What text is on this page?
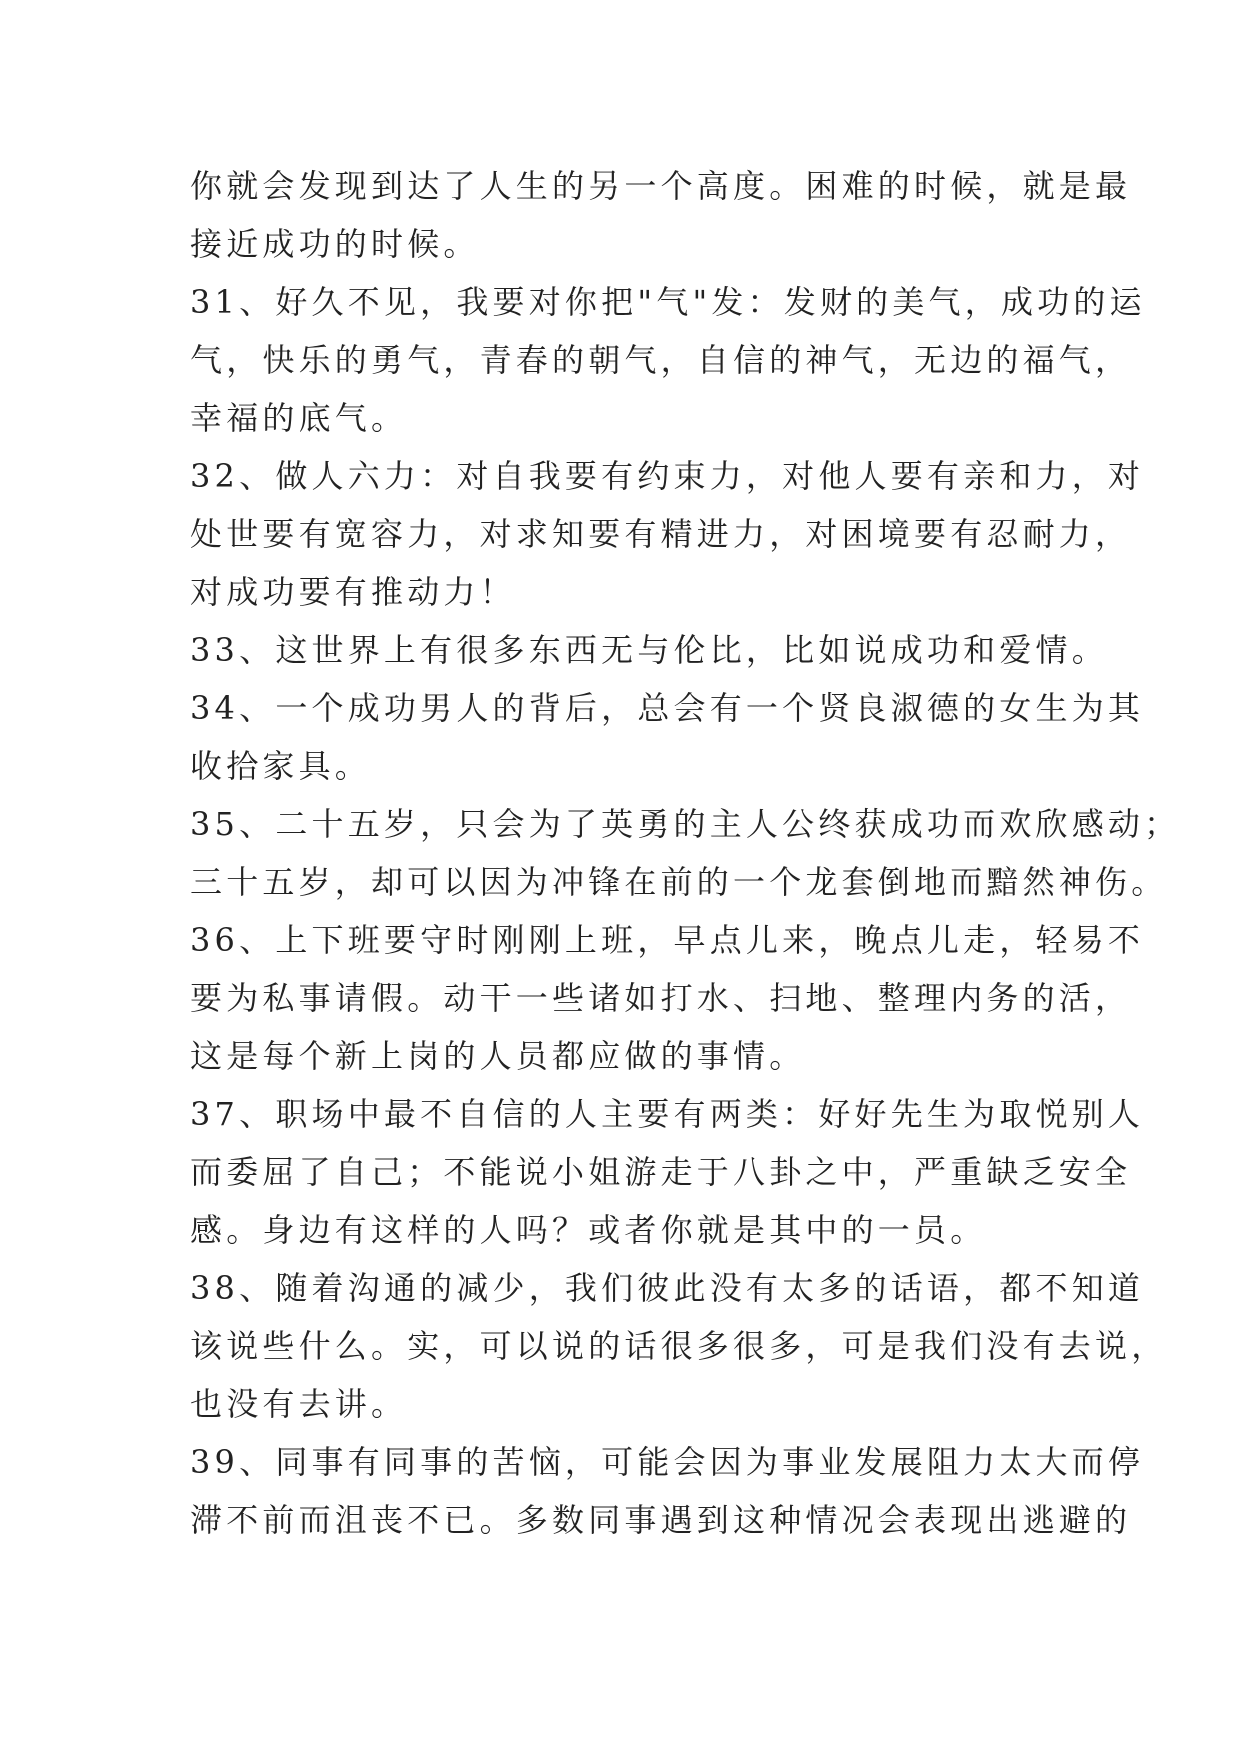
你就会发现到达了人生的另一个高度。困难的时候，就是最
接近成功的时候。
31、好久不见，我要对你把"气"发：发财的美气，成功的运
气，快乐的勇气，青春的朝气，自信的神气，无边的福气，
幸福的底气。
32、做人六力：对自我要有约束力，对他人要有亲和力，对
处世要有宽容力，对求知要有精进力，对困境要有忍耐力，
对成功要有推动力！
33、这世界上有很多东西无与伦比，比如说成功和爱情。
34、一个成功男人的背后，总会有一个贤良淑德的女生为其
收拾家具。
35、二十五岁，只会为了英勇的主人公终获成功而欢欣感动；
三十五岁，却可以因为冲锋在前的一个龙套倒地而黯然神伤。
36、上下班要守时刚刚上班，早点儿来，晚点儿走，轻易不
要为私事请假。动干一些诸如打水、扫地、整理内务的活，
这是每个新上岗的人员都应做的事情。
37、职场中最不自信的人主要有两类：好好先生为取悦别人
而委屈了自己；不能说小姐游走于八卦之中，严重缺乏安全
感。身边有这样的人吗？或者你就是其中的一员。
38、随着沟通的减少，我们彼此没有太多的话语，都不知道
该说些什么。实，可以说的话很多很多，可是我们没有去说，
也没有去讲。
39、同事有同事的苦恼，可能会因为事业发展阻力太大而停
滞不前而沮丧不已。多数同事遇到这种情况会表现出逃避的
